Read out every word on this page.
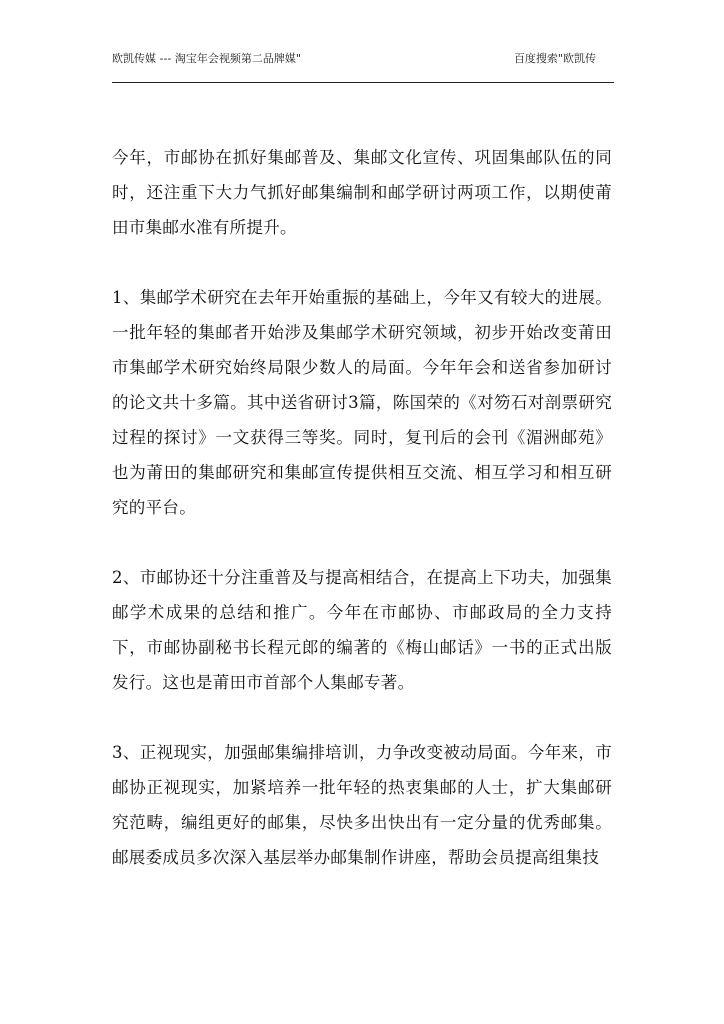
欧凯传媒 --- 淘宝年会视频第二品牌媒"	百度搜索"欧凯传

今年，市邮协在抓好集邮普及、集邮文化宣传、巩固集邮队伍的同时，还注重下大力气抓好邮集编制和邮学研讨两项工作，以期使莆田市集邮水准有所提升。

1、集邮学术研究在去年开始重振的基础上，今年又有较大的进展。一批年轻的集邮者开始涉及集邮学术研究领域，初步开始改变莆田市集邮学术研究始终局限少数人的局面。今年年会和送省参加研讨的论文共十多篇。其中送省研讨3篇，陈国荣的《对笏石对剖票研究过程的探讨》一文获得三等奖。同时，复刊后的会刊《湄洲邮苑》也为莆田的集邮研究和集邮宣传提供相互交流、相互学习和相互研究的平台。

2、市邮协还十分注重普及与提高相结合，在提高上下功夫，加强集邮学术成果的总结和推广。今年在市邮协、市邮政局的全力支持下，市邮协副秘书长程元郎的编著的《梅山邮话》一书的正式出版发行。这也是莆田市首部个人集邮专著。

3、正视现实，加强邮集编排培训，力争改变被动局面。今年来，市邮协正视现实，加紧培养一批年轻的热衷集邮的人士，扩大集邮研究范畴，编组更好的邮集，尽快多出快出有一定分量的优秀邮集。邮展委成员多次深入基层举办邮集制作讲座，帮助会员提高组集技
